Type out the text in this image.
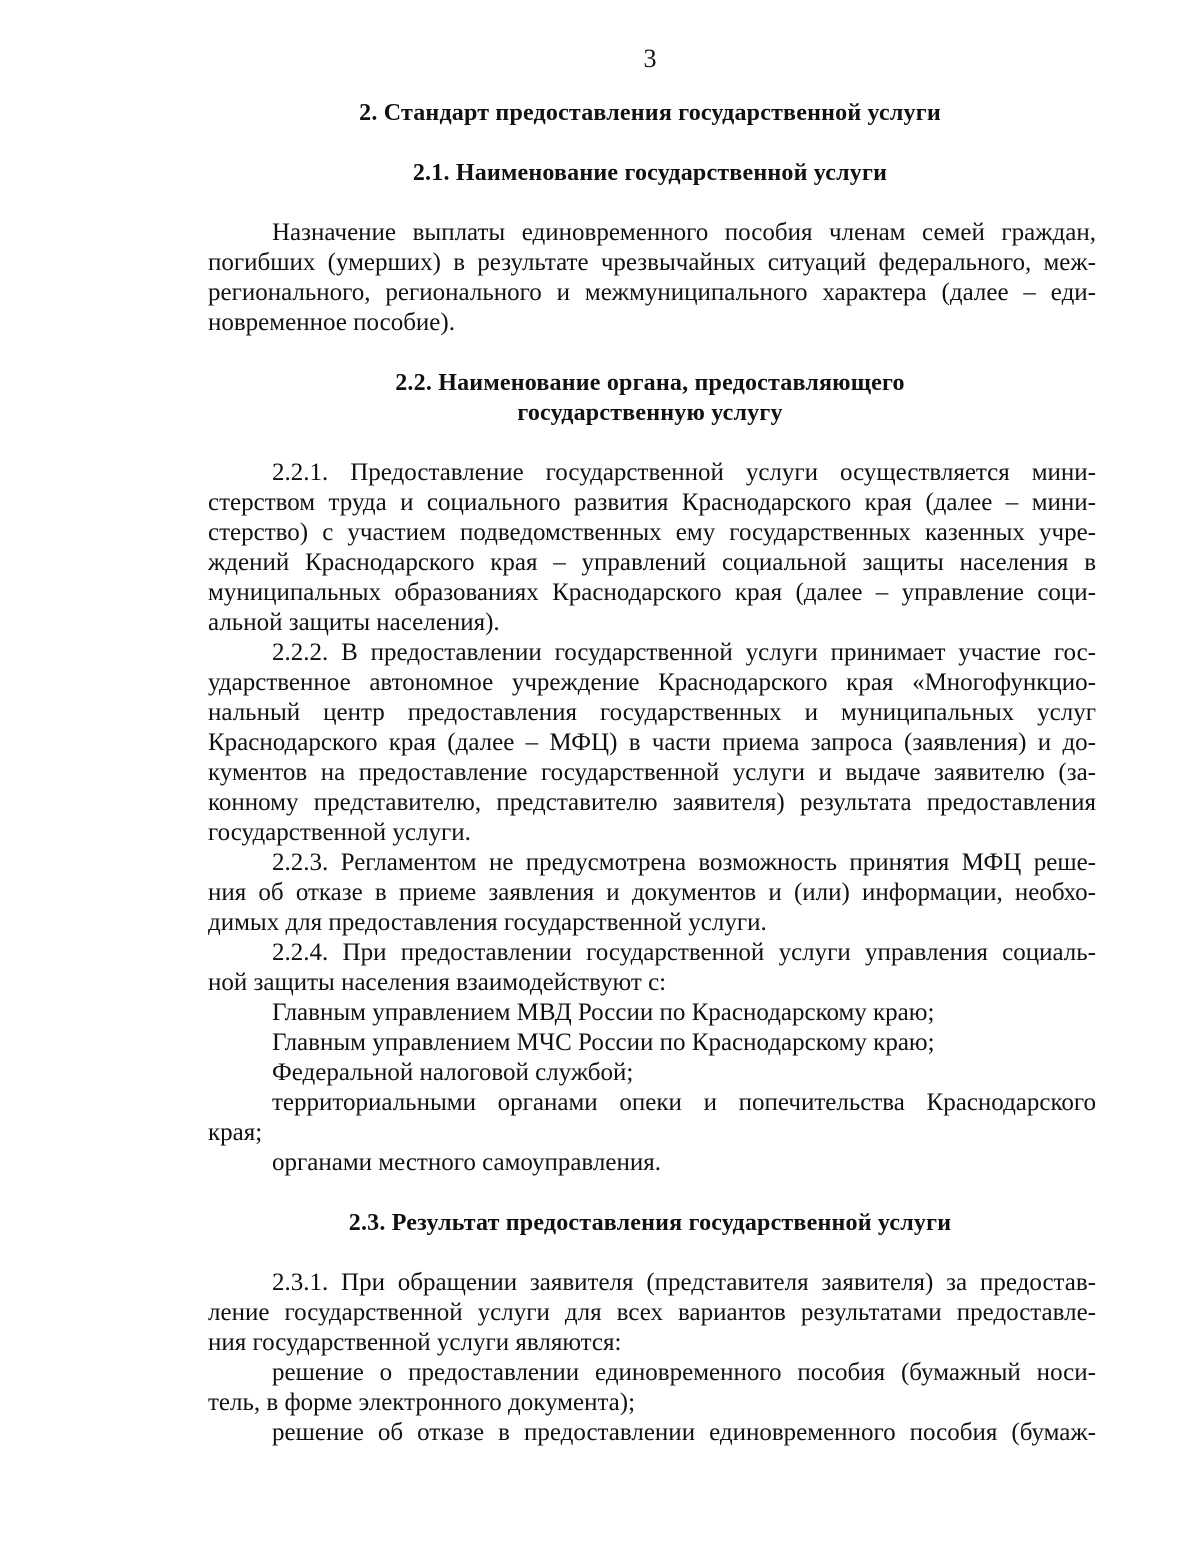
3
2. Стандарт предоставления государственной услуги
2.1. Наименование государственной услуги
Назначение выплаты единовременного пособия членам семей граждан,
погибших (умерших) в результате чрезвычайных ситуаций федерального, меж-
регионального, регионального и межмуниципального характера (далее – еди-
новременное пособие).
2.2. Наименование органа, предоставляющего
государственную услугу
2.2.1. Предоставление государственной услуги осуществляется мини-
стерством труда и социального развития Краснодарского края (далее – мини-
стерство) с участием подведомственных ему государственных казенных учре-
ждений Краснодарского края – управлений социальной защиты населения в
муниципальных образованиях Краснодарского края (далее – управление соци-
альной защиты населения).
2.2.2. В предоставлении государственной услуги принимает участие гос-
ударственное автономное учреждение Краснодарского края «Многофункцио-
нальный центр предоставления государственных и муниципальных услуг
Краснодарского края (далее – МФЦ) в части приема запроса (заявления) и до-
кументов на предоставление государственной услуги и выдаче заявителю (за-
конному представителю, представителю заявителя) результата предоставления
государственной услуги.
2.2.3. Регламентом не предусмотрена возможность принятия МФЦ реше-
ния об отказе в приеме заявления и документов и (или) информации, необхо-
димых для предоставления государственной услуги.
2.2.4. При предоставлении государственной услуги управления социаль-
ной защиты населения взаимодействуют с:
Главным управлением МВД России по Краснодарскому краю;
Главным управлением МЧС России по Краснодарскому краю;
Федеральной налоговой службой;
территориальными органами опеки и попечительства Краснодарского
края;
органами местного самоуправления.
2.3. Результат предоставления государственной услуги
2.3.1. При обращении заявителя (представителя заявителя) за предостав-
ление государственной услуги для всех вариантов результатами предоставле-
ния государственной услуги являются:
решение о предоставлении единовременного пособия (бумажный носи-
тель, в форме электронного документа);
решение об отказе в предоставлении единовременного пособия (бумаж-
